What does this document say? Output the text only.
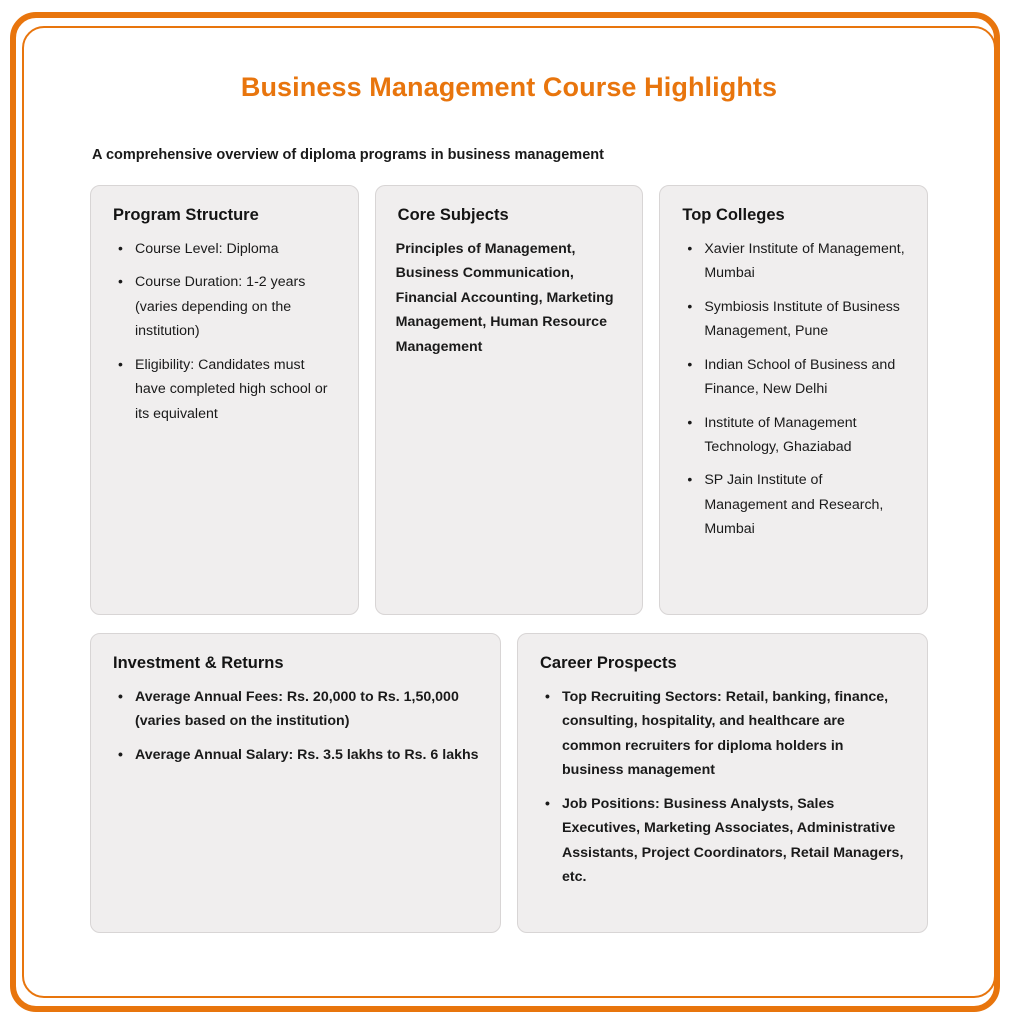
Business Management Course Highlights

A comprehensive overview of diploma programs in business management

Program Structure
• Course Level: Diploma
• Course Duration: 1-2 years (varies depending on the institution)
• Eligibility: Candidates must have completed high school or its equivalent
Core Subjects

Principles of Management, Business Communication, Financial Accounting, Marketing Management, Human Resource Management

Top Colleges
• Xavier Institute of Management, Mumbai
• Symbiosis Institute of Business Management, Pune
• Indian School of Business and Finance, New Delhi
• Institute of Management Technology, Ghaziabad
• SP Jain Institute of Management and Research, Mumbai
Investment & Returns
• Average Annual Fees: Rs. 20,000 to Rs. 1,50,000 (varies based on the institution)
• Average Annual Salary: Rs. 3.5 lakhs to Rs. 6 lakhs
Career Prospects
• Top Recruiting Sectors: Retail, banking, finance, consulting, hospitality, and healthcare are common recruiters for diploma holders in business management
• Job Positions: Business Analysts, Sales Executives, Marketing Associates, Administrative Assistants, Project Coordinators, Retail Managers, etc.
